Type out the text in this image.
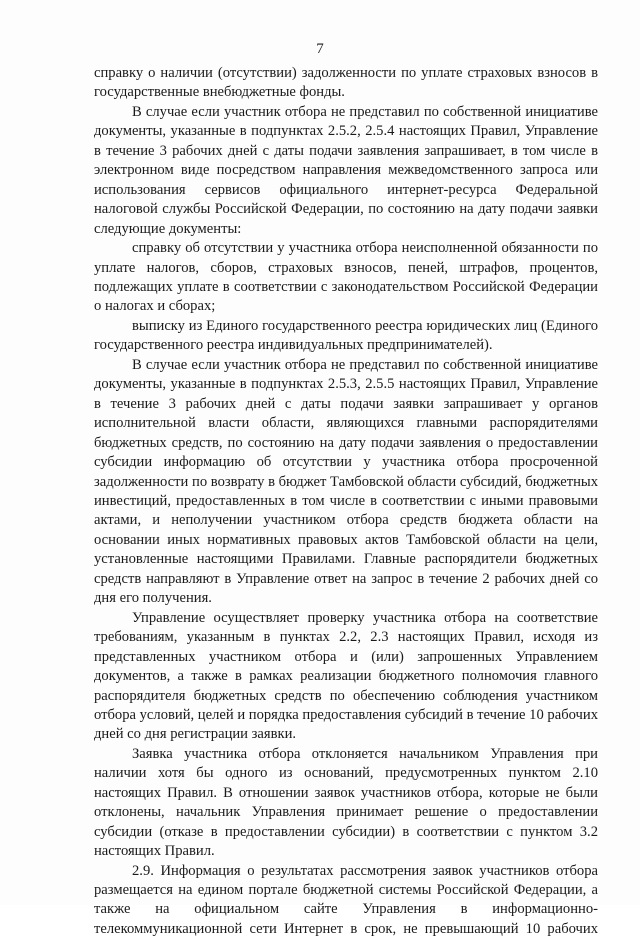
7

справку о наличии (отсутствии) задолженности по уплате страховых взносов в государственные внебюджетные фонды.

В случае если участник отбора не представил по собственной инициативе документы, указанные в подпунктах 2.5.2, 2.5.4 настоящих Правил, Управление в течение 3 рабочих дней с даты подачи заявления запрашивает, в том числе в электронном виде посредством направления межведомственного запроса или использования сервисов официального интернет-ресурса Федеральной налоговой службы Российской Федерации, по состоянию на дату подачи заявки следующие документы:

справку об отсутствии у участника отбора неисполненной обязанности по уплате налогов, сборов, страховых взносов, пеней, штрафов, процентов, подлежащих уплате в соответствии с законодательством Российской Федерации о налогах и сборах;

выписку из Единого государственного реестра юридических лиц (Единого государственного реестра индивидуальных предпринимателей).

В случае если участник отбора не представил по собственной инициативе документы, указанные в подпунктах 2.5.3, 2.5.5 настоящих Правил, Управление в течение 3 рабочих дней с даты подачи заявки запрашивает у органов исполнительной власти области, являющихся главными распорядителями бюджетных средств, по состоянию на дату подачи заявления о предоставлении субсидии информацию об отсутствии у участника отбора просроченной задолженности по возврату в бюджет Тамбовской области субсидий, бюджетных инвестиций, предоставленных в том числе в соответствии с иными правовыми актами, и неполучении участником отбора средств бюджета области на основании иных нормативных правовых актов Тамбовской области на цели, установленные настоящими Правилами. Главные распорядители бюджетных средств направляют в Управление ответ на запрос в течение 2 рабочих дней со дня его получения.

Управление осуществляет проверку участника отбора на соответствие требованиям, указанным в пунктах 2.2, 2.3 настоящих Правил, исходя из представленных участником отбора и (или) запрошенных Управлением документов, а также в рамках реализации бюджетного полномочия главного распорядителя бюджетных средств по обеспечению соблюдения участником отбора условий, целей и порядка предоставления субсидий в течение 10 рабочих дней со дня регистрации заявки.

Заявка участника отбора отклоняется начальником Управления при наличии хотя бы одного из оснований, предусмотренных пунктом 2.10 настоящих Правил. В отношении заявок участников отбора, которые не были отклонены, начальник Управления принимает решение о предоставлении субсидии (отказе в предоставлении субсидии) в соответствии с пунктом 3.2 настоящих Правил.

2.9. Информация о результатах рассмотрения заявок участников отбора размещается на едином портале бюджетной системы Российской Федерации, а также на официальном сайте Управления в информационно-телекоммуникационной сети Интернет в срок, не превышающий 10 рабочих
